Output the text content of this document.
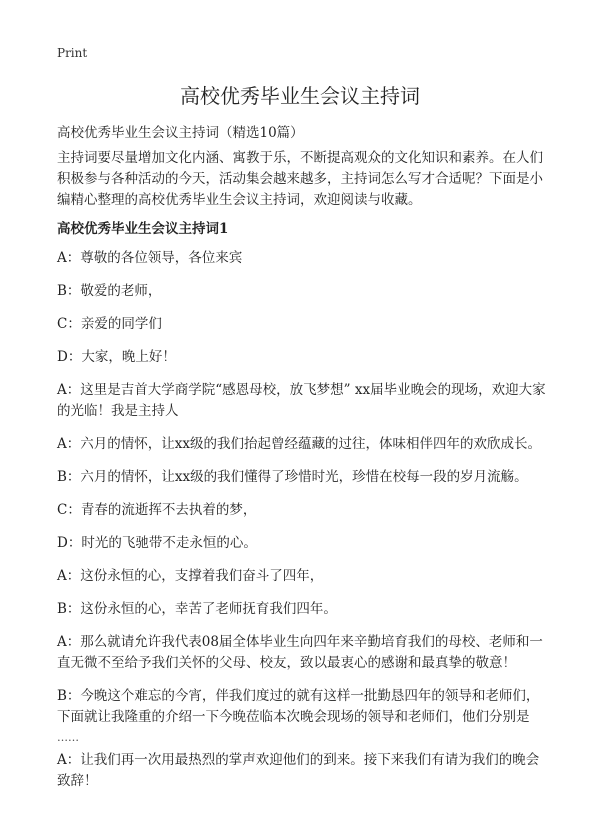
Print
高校优秀毕业生会议主持词
高校优秀毕业生会议主持词（精选10篇）

主持词要尽量增加文化内涵、寓教于乐，不断提高观众的文化知识和素养。在人们积极参与各种活动的今天，活动集会越来越多，主持词怎么写才合适呢？下面是小编精心整理的高校优秀毕业生会议主持词，欢迎阅读与收藏。

高校优秀毕业生会议主持词1

A：尊敬的各位领导，各位来宾

B：敬爱的老师，

C：亲爱的同学们

D：大家，晚上好！

A：这里是吉首大学商学院“感恩母校，放飞梦想” xx届毕业晚会的现场，欢迎大家的光临！我是主持人

A：六月的情怀，让xx级的我们抬起曾经蕴藏的过往，体味相伴四年的欢欣成长。

B：六月的情怀，让xx级的我们懂得了珍惜时光，珍惜在校每一段的岁月流觞。

C：青春的流逝挥不去执着的梦，

D：时光的飞驰带不走永恒的心。

A：这份永恒的心，支撑着我们奋斗了四年，

B：这份永恒的心，幸苦了老师抚育我们四年。

A：那么就请允许我代表08届全体毕业生向四年来辛勤培育我们的母校、老师和一直无微不至给予我们关怀的父母、校友，致以最衷心的感谢和最真挚的敬意！

B：今晚这个难忘的今宵，伴我们度过的就有这样一批勤恳四年的领导和老师们，下面就让我隆重的介绍一下今晚莅临本次晚会现场的领导和老师们，他们分别是

……

A：让我们再一次用最热烈的掌声欢迎他们的到来。接下来我们有请为我们的晚会致辞！
